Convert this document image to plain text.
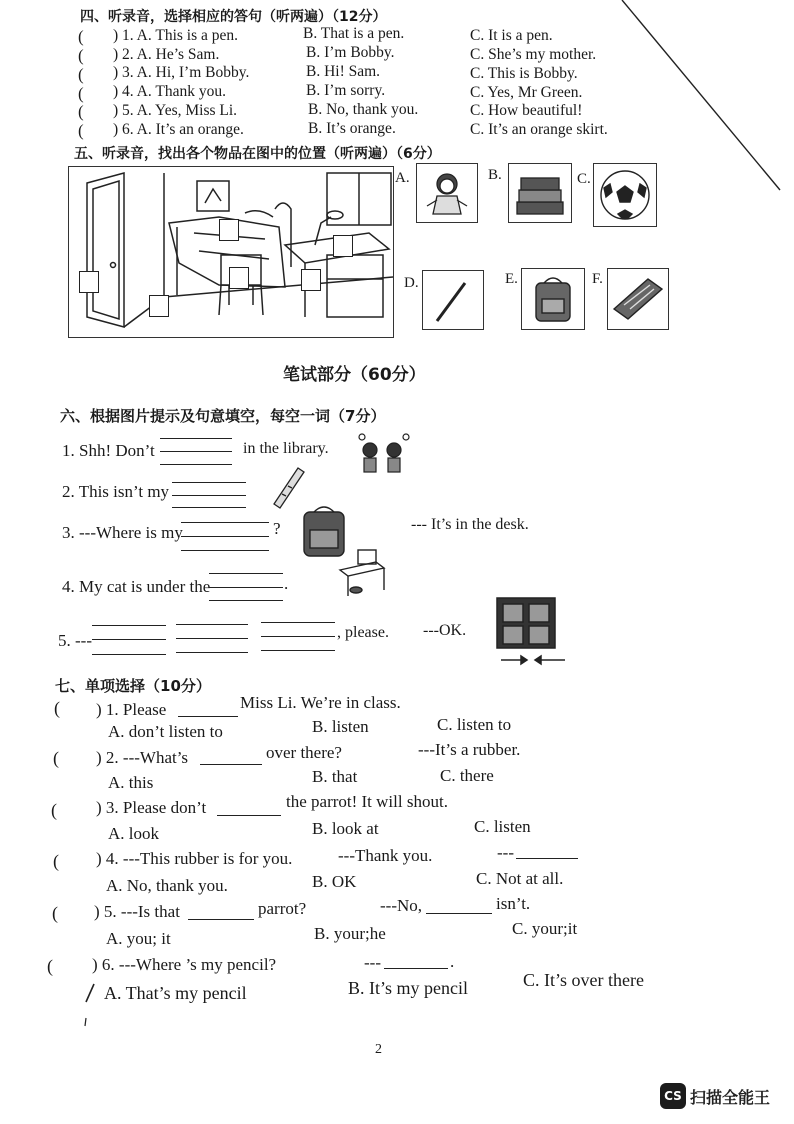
四、听录音，选择相应的答句（听两遍）（12分）
( ) 1. A. This is a pen.	B. That is a pen.	C. It is a pen.
( ) 2. A. He’s Sam.	B. I’m Bobby.	C. She’s my mother.
( ) 3. A. Hi, I’m Bobby.	B. Hi! Sam.	C. This is Bobby.
( ) 4. A. Thank you.	B. I’m sorry.	C. Yes, Mr Green.
( ) 5. A. Yes, Miss Li.	B. No, thank you.	C. How beautiful!
( ) 6. A. It’s an orange.	B. It’s orange.	C. It’s an orange skirt.
五、听录音，找出各个物品在图中的位置（听两遍）（6分）
A.	B.	C.
D.	E.	F.
笔试部分（60分）
六、根据图片提示及句意填空，每空一词（7分）
1. Shh! Don’t	in the library.
2. This isn’t my
3. ---Where is my	?	--- It’s in the desk.
4. My cat is under the	.
5. ---	, please. ---OK.
七、单项选择（10分）
( ) 1. Please	Miss Li. We’re in class.
A. don’t listen to	B. listen	C. listen to
( ) 2. ---What’s	over there?	---It’s a rubber.
A. this	B. that	C. there
( ) 3. Please don’t	the parrot! It will shout.
A. look	B. look at	C. listen
( ) 4. ---This rubber is for you.	---Thank you.	---
A. No, thank you.	B. OK	C. Not at all.
( ) 5. ---Is that	parrot?	---No,	isn’t.
A. you; it	B. your;he	C. your;it
( ) 6. ---Where ’s my pencil?	---	.
A. That’s my pencil	B. It’s my pencil	C. It’s over there
2
CS 扫描全能王
